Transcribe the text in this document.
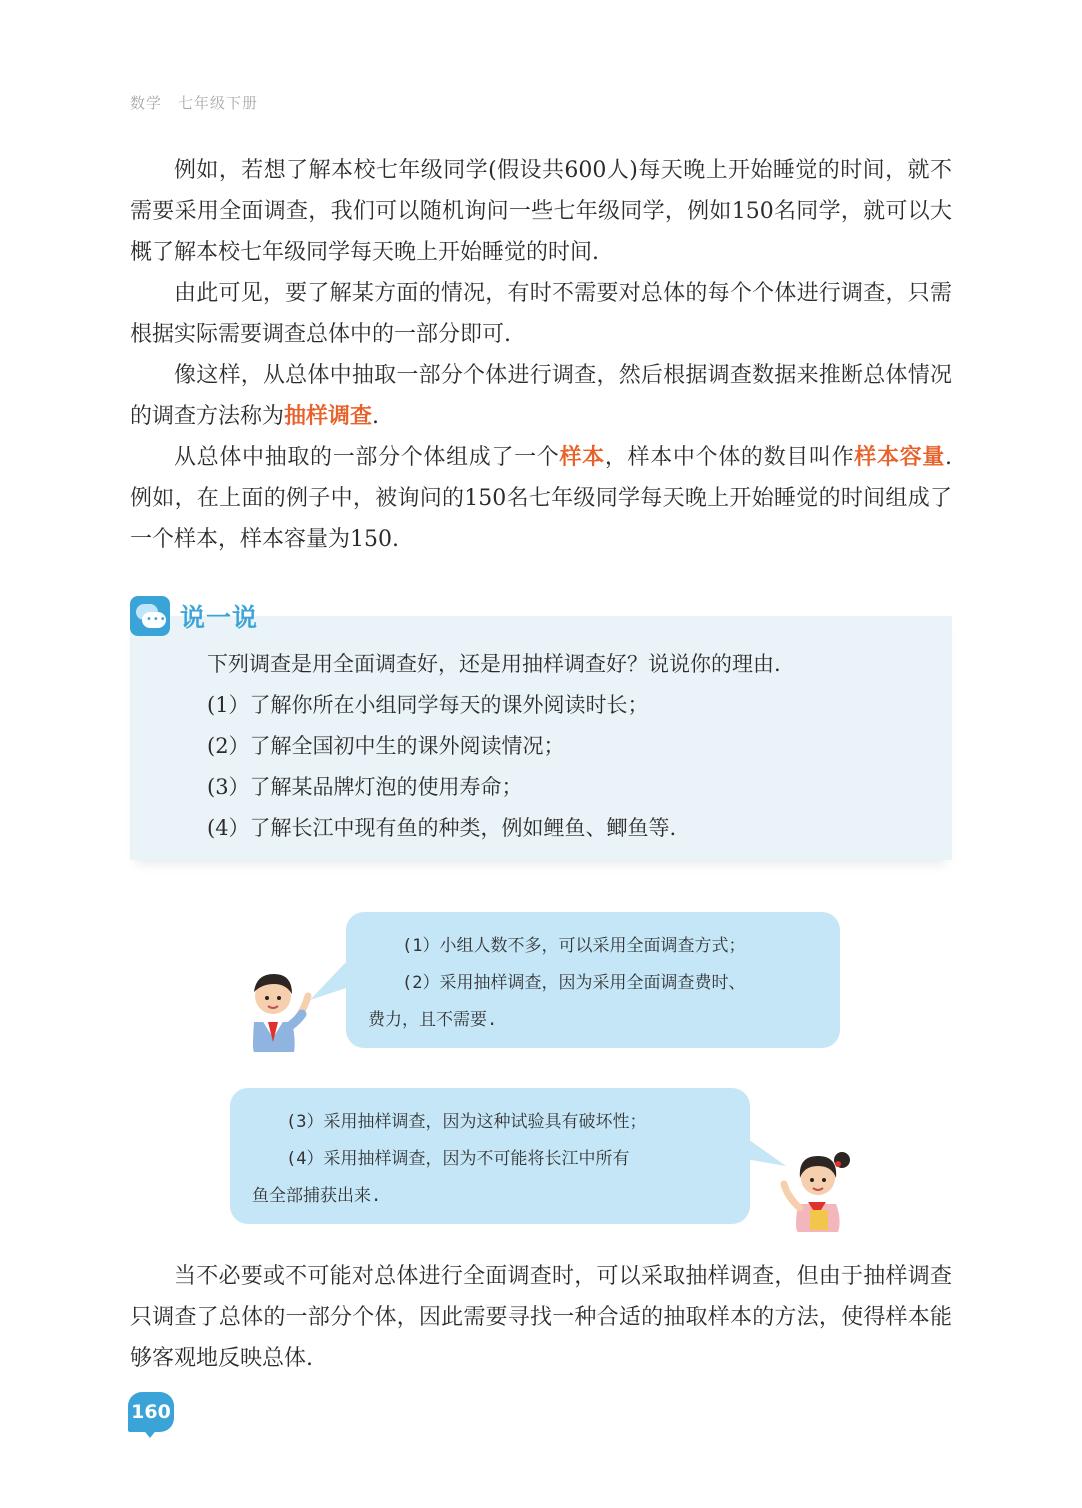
数学 七年级下册

例如，若想了解本校七年级同学(假设共600人)每天晚上开始睡觉的时间，就不需要采用全面调查，我们可以随机询问一些七年级同学，例如150名同学，就可以大概了解本校七年级同学每天晚上开始睡觉的时间.

由此可见，要了解某方面的情况，有时不需要对总体的每个个体进行调查，只需根据实际需要调查总体中的一部分即可.

像这样，从总体中抽取一部分个体进行调查，然后根据调查数据来推断总体情况的调查方法称为抽样调查.

从总体中抽取的一部分个体组成了一个样本，样本中个体的数目叫作样本容量. 例如，在上面的例子中，被询问的150名七年级同学每天晚上开始睡觉的时间组成了一个样本，样本容量为150.

••• 说一说
下列调查是用全面调查好，还是用抽样调查好？说说你的理由.
(1）了解你所在小组同学每天的课外阅读时长；
(2）了解全国初中生的课外阅读情况；
(3）了解某品牌灯泡的使用寿命；
(4）了解长江中现有鱼的种类，例如鲤鱼、鲫鱼等.

(1）小组人数不多，可以采用全面调查方式；

(2）采用抽样调查，因为采用全面调查费时、

费力，且不需要.

(3）采用抽样调查，因为这种试验具有破坏性；

(4）采用抽样调查，因为不可能将长江中所有

鱼全部捕获出来.

当不必要或不可能对总体进行全面调查时，可以采取抽样调查，但由于抽样调查只调查了总体的一部分个体，因此需要寻找一种合适的抽取样本的方法，使得样本能够客观地反映总体.

160
